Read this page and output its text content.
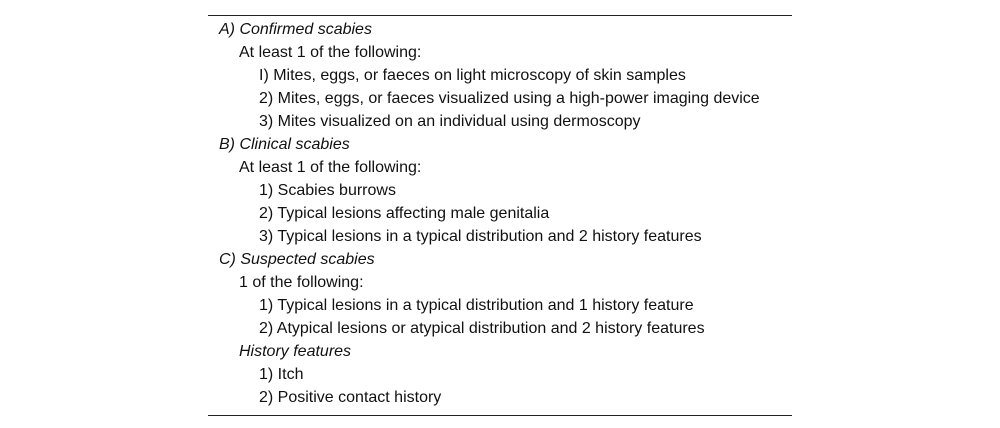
A) Confirmed scabies
At least 1 of the following:
I) Mites, eggs, or faeces on light microscopy of skin samples
2) Mites, eggs, or faeces visualized using a high-power imaging device
3) Mites visualized on an individual using dermoscopy
B) Clinical scabies
At least 1 of the following:
1) Scabies burrows
2) Typical lesions affecting male genitalia
3) Typical lesions in a typical distribution and 2 history features
C) Suspected scabies
1 of the following:
1) Typical lesions in a typical distribution and 1 history feature
2) Atypical lesions or atypical distribution and 2 history features
History features
1) Itch
2) Positive contact history
